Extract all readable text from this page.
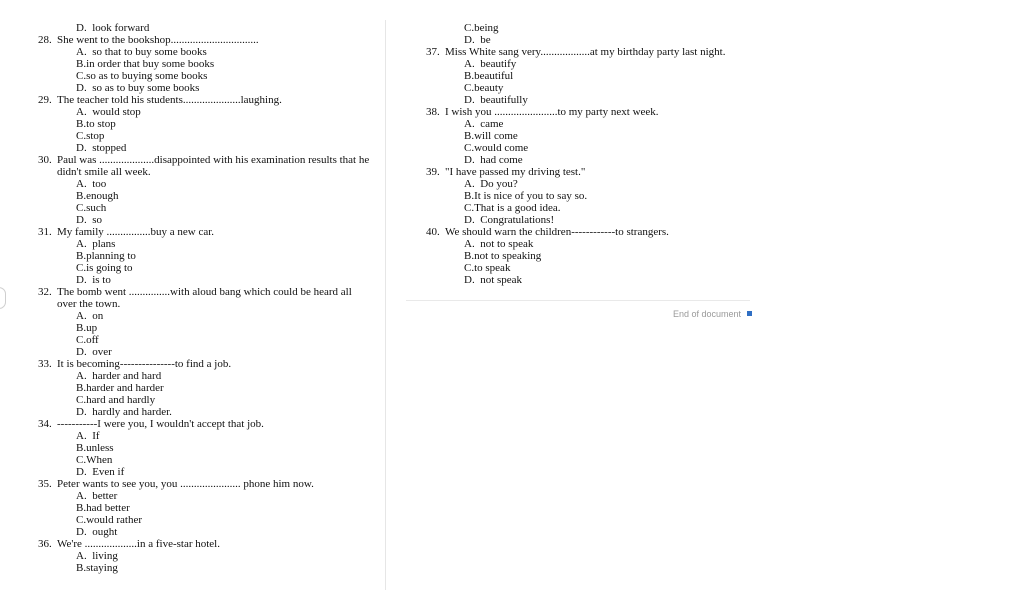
D.  look forward
28. She went to the bookshop................................
A.  so that to buy some books
B.in order that buy some books
C.so as to buying some books
D.  so as to buy some books
29. The teacher told his students.....................laughing.
A.  would stop
B.to stop
C.stop
D.  stopped
30. Paul was ....................disappointed with his examination results that he
didn't smile all week.
A.  too
B.enough
C.such
D.  so
31. My family ................buy a new car.
A.  plans
B.planning to
C.is going to
D.  is to
32. The bomb went ...............with aloud bang which could be heard all
over the town.
A.  on
B.up
C.off
D.  over
33. It is becoming---------------to find a job.
A.  harder and hard
B.harder and harder
C.hard and hardly
D.  hardly and harder.
34. -----------I were you, I wouldn't accept that job.
A.  If
B.unless
C.When
D.  Even if
35. Peter wants to see you, you ...................... phone him now.
A.  better
B.had better
C.would rather
D.  ought
36. We're ...................in a five-star hotel.
A.  living
B.staying
C.being
D.  be
37. Miss White sang very..................at my birthday party last night.
A.  beautify
B.beautiful
C.beauty
D.  beautifully
38. I wish you .......................to my party next week.
A.  came
B.will come
C.would come
D.  had come
39. "I have passed my driving test."
A.  Do you?
B.It is nice of you to say so.
C.That is a good idea.
D.  Congratulations!
40. We should warn the children------------to strangers.
A.  not to speak
B.not to speaking
C.to speak
D.  not speak
End of document
